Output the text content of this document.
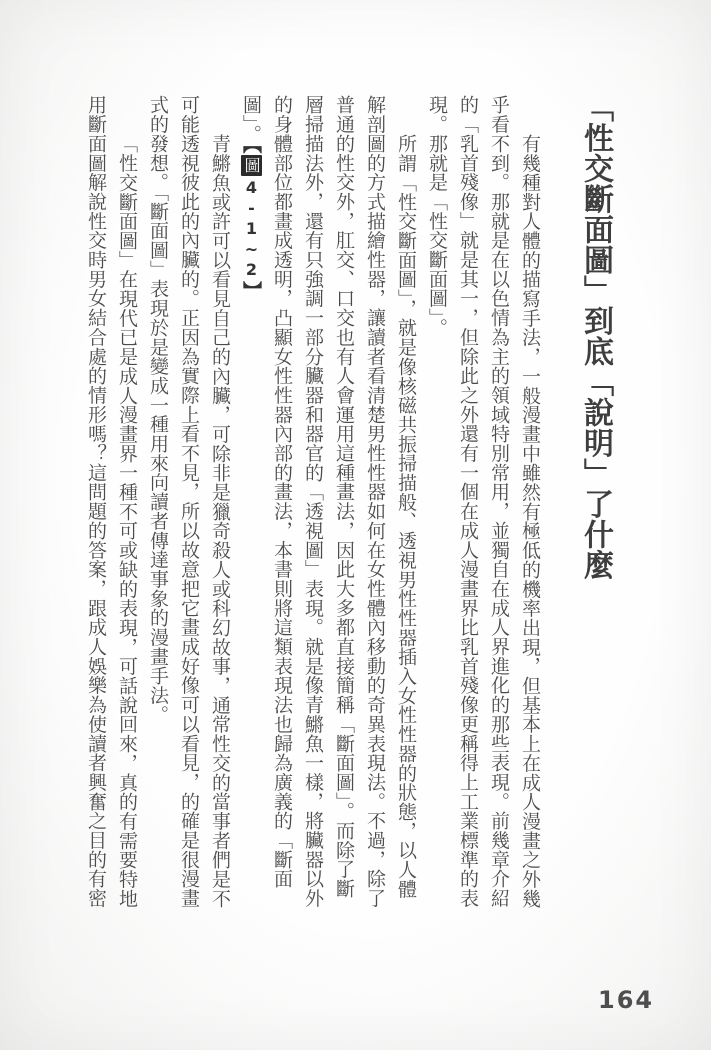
「性交斷面圖」到底「說明」了什麼
有幾種對人體的描寫手法，一般漫畫中雖然有極低的機率出現，但基本上在成人漫畫之外幾
乎看不到。那就是在以色情為主的領域特別常用，並獨自在成人界進化的那些表現。前幾章介紹
的「乳首殘像」就是其一，但除此之外還有一個在成人漫畫界比乳首殘像更稱得上工業標準的表
現。那就是「性交斷面圖」。
所謂「性交斷面圖」，就是像核磁共振掃描般、透視男性性器插入女性性器的狀態，以人體
解剖圖的方式描繪性器，讓讀者看清楚男性性器如何在女性體內移動的奇異表現法。不過，除了
普通的性交外，肛交、口交也有人會運用這種畫法，因此大多都直接簡稱「斷面圖」。而除了斷
層掃描法外，還有只強調一部分臟器和器官的「透視圖」表現。就是像青鱂魚一樣，將臟器以外
的身體部位都畫成透明，凸顯女性性器內部的畫法，本書則將這類表現法也歸為廣義的「斷面
圖」。【圖4-1~2】
青鱂魚或許可以看見自己的內臟，可除非是獵奇殺人或科幻故事，通常性交的當事者們是不
可能透視彼此的內臟的。正因為實際上看不見，所以故意把它畫成好像可以看見，的確是很漫畫
式的發想。「斷面圖」表現於是變成一種用來向讀者傳達事象的漫畫手法。
「性交斷面圖」在現代已是成人漫畫界一種不可或缺的表現，可話說回來，真的有需要特地
用斷面圖解說性交時男女結合處的情形嗎？這問題的答案，跟成人娛樂為使讀者興奮之目的有密
164
